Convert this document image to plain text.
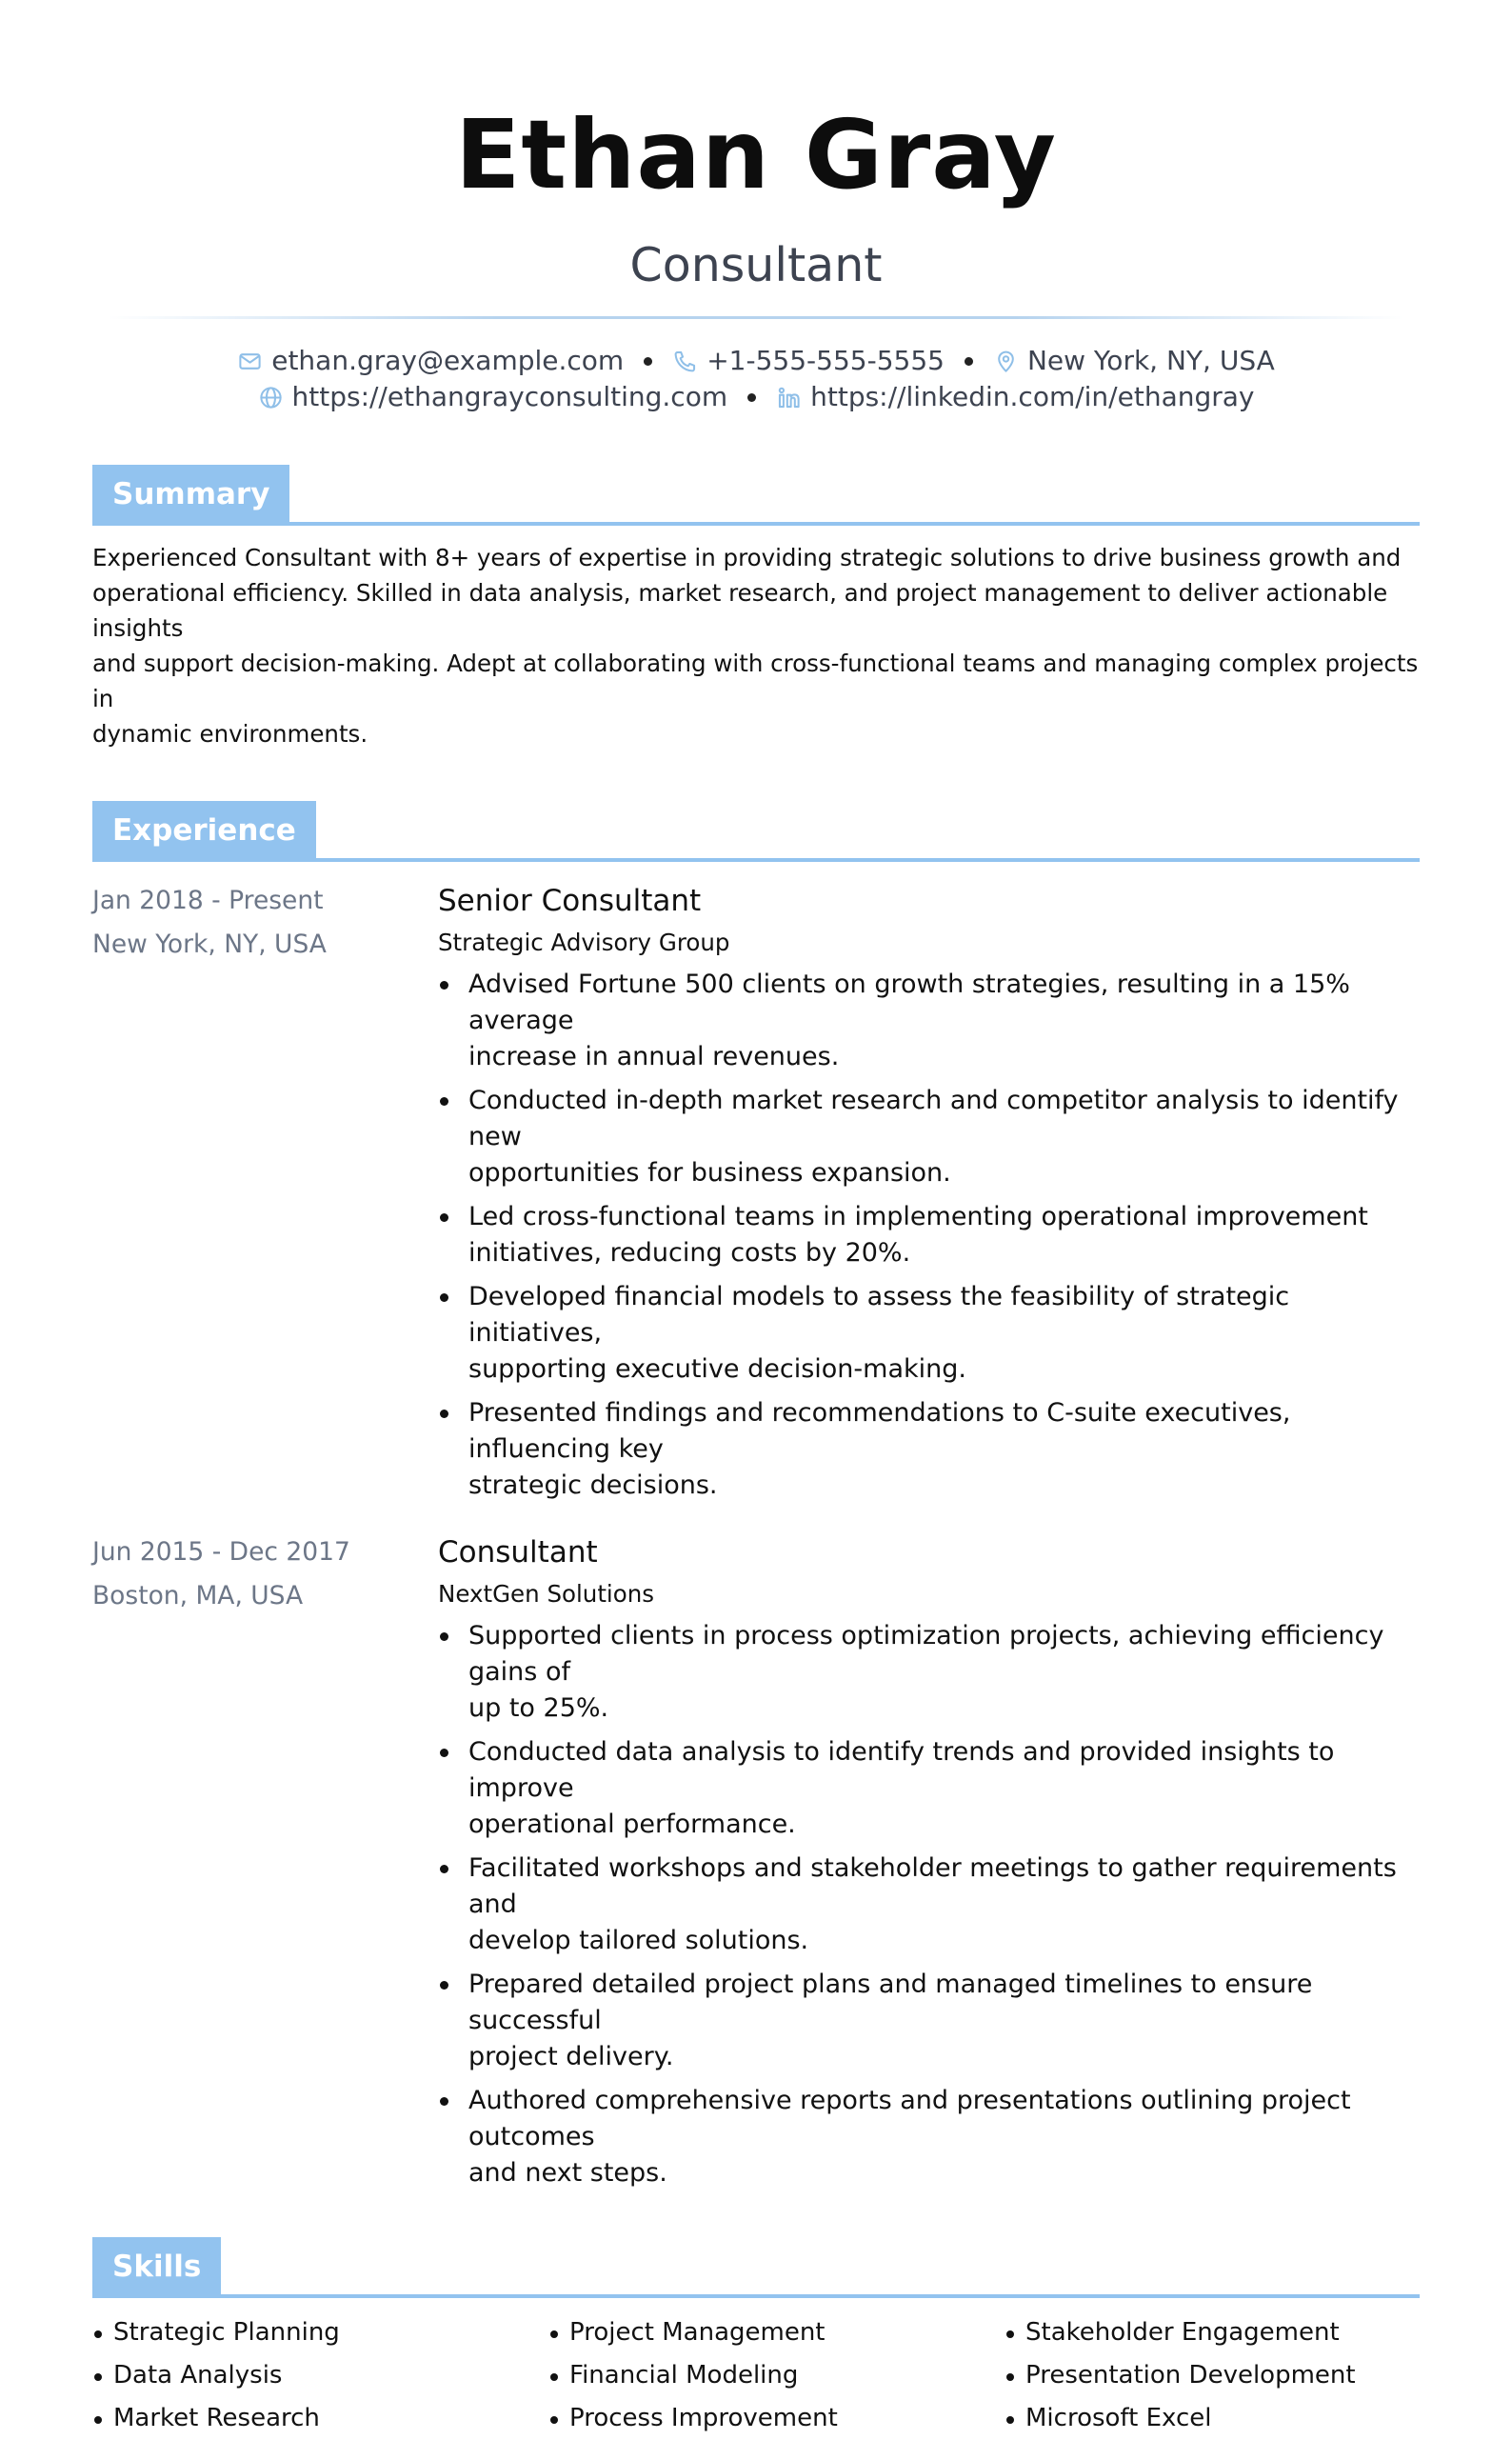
Ethan Gray
Consultant
ethan.gray@example.com	+1-555-555-5555	New York, NY, USA
https://ethangrayconsulting.com	https://linkedin.com/in/ethangray
Summary
Experienced Consultant with 8+ years of expertise in providing strategic solutions to drive business growth and
operational efficiency. Skilled in data analysis, market research, and project management to deliver actionable insights
and support decision-making. Adept at collaborating with cross-functional teams and managing complex projects in
dynamic environments.
Experience
Jan 2018 - Present
New York, NY, USA
Senior Consultant
Strategic Advisory Group
Advised Fortune 500 clients on growth strategies, resulting in a 15% average
increase in annual revenues.
Conducted in-depth market research and competitor analysis to identify new
opportunities for business expansion.
Led cross-functional teams in implementing operational improvement
initiatives, reducing costs by 20%.
Developed financial models to assess the feasibility of strategic initiatives,
supporting executive decision-making.
Presented findings and recommendations to C-suite executives, influencing key
strategic decisions.
Jun 2015 - Dec 2017
Boston, MA, USA
Consultant
NextGen Solutions
Supported clients in process optimization projects, achieving efficiency gains of
up to 25%.
Conducted data analysis to identify trends and provided insights to improve
operational performance.
Facilitated workshops and stakeholder meetings to gather requirements and
develop tailored solutions.
Prepared detailed project plans and managed timelines to ensure successful
project delivery.
Authored comprehensive reports and presentations outlining project outcomes
and next steps.
Skills
Strategic Planning	Project Management	Stakeholder Engagement
Data Analysis	Financial Modeling	Presentation Development
Market Research	Process Improvement	Microsoft Excel
